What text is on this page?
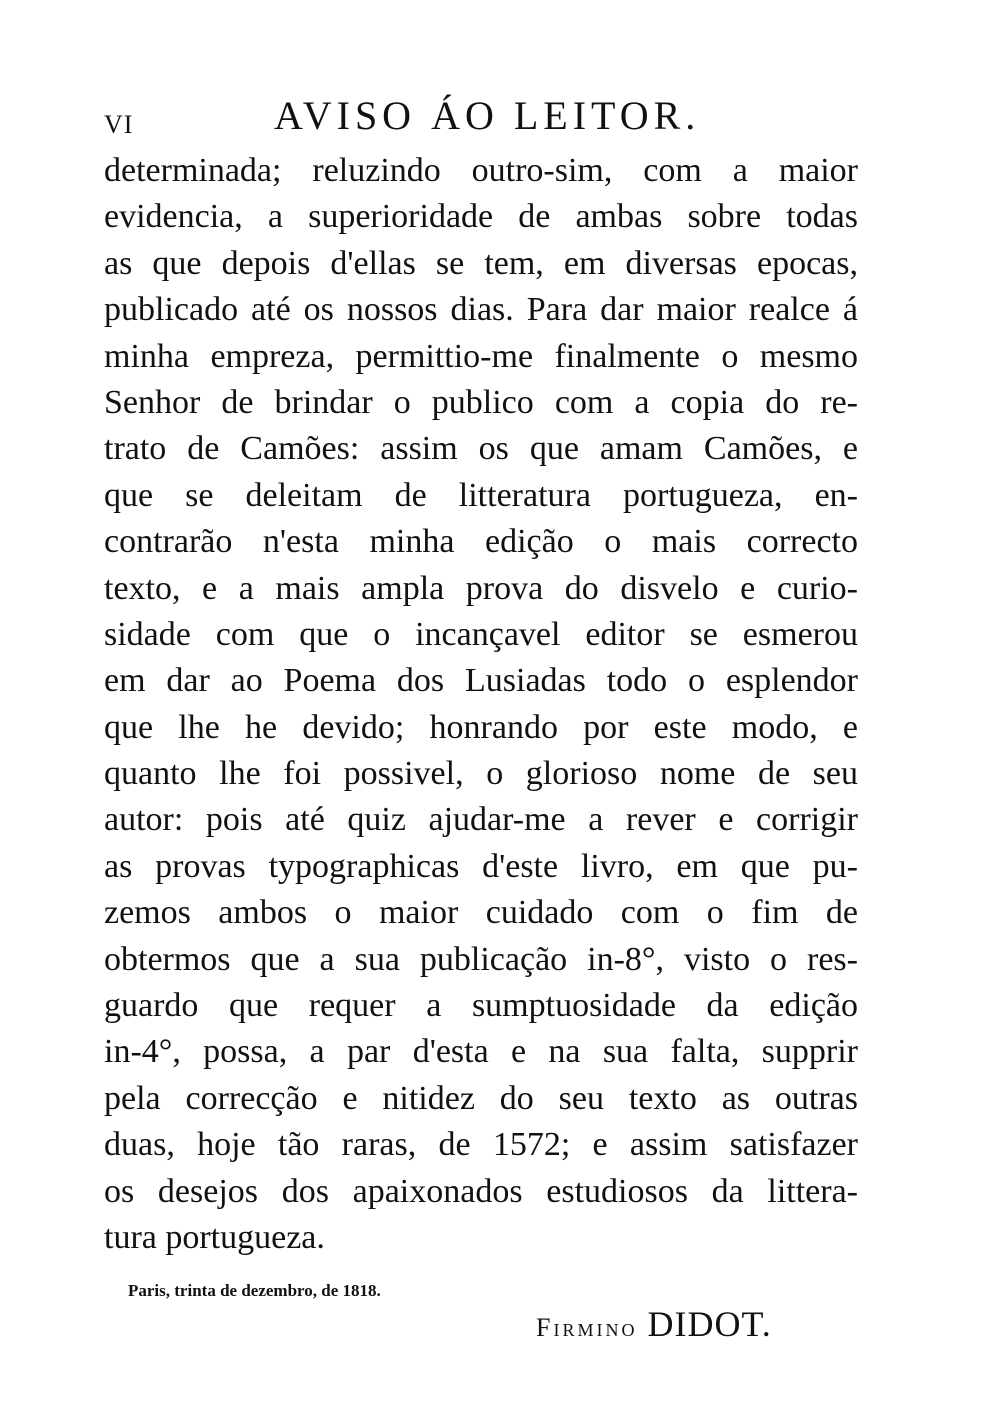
VI	AVISO ÁO LEITOR.
determinada; reluzindo outro-sim, com a maior
evidencia, a superioridade de ambas sobre todas
as que depois d'ellas se tem, em diversas epocas,
publicado até os nossos dias. Para dar maior realce á
minha empreza, permittio-me finalmente o mesmo
Senhor de brindar o publico com a copia do re-
trato de Camões: assim os que amam Camões, e
que se deleitam de litteratura portugueza, en-
contrarão n'esta minha edição o mais correcto
texto, e a mais ampla prova do disvelo e curio-
sidade com que o incançavel editor se esmerou
em dar ao Poema dos Lusiadas todo o esplendor
que lhe he devido; honrando por este modo, e
quanto lhe foi possivel, o glorioso nome de seu
autor: pois até quiz ajudar-me a rever e corrigir
as provas typographicas d'este livro, em que pu-
zemos ambos o maior cuidado com o fim de
obtermos que a sua publicação in-8°, visto o res-
guardo que requer a sumptuosidade da edição
in-4°, possa, a par d'esta e na sua falta, supprir
pela correcção e nitidez do seu texto as outras
duas, hoje tão raras, de 1572; e assim satisfazer
os desejos dos apaixonados estudiosos da littera-
tura portugueza.
Paris, trinta de dezembro, de 1818.
Firmino DIDOT.
